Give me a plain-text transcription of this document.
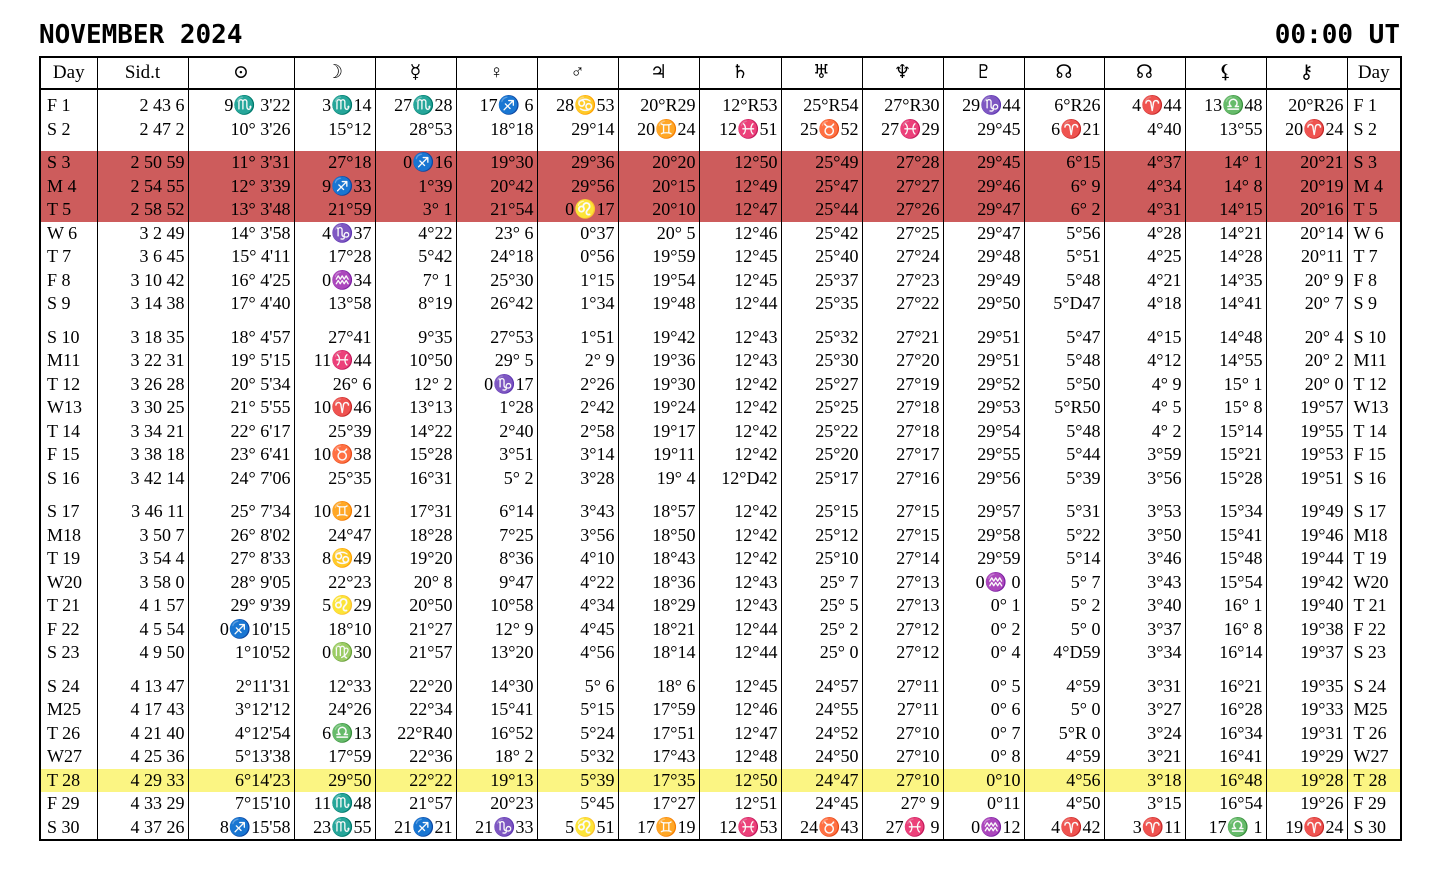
NOVEMBER 2024	00:00 UT
Day	Sid.t	⊙	☽	☿	♀	♂	♃	♄	♅	♆	♇	☊	☊	⚸	⚷	Day
F 1	2 43 6	9♏ 3'22	3♏14	27♏28	17♐ 6	28♋53	20°R29	12°R53	25°R54	27°R30	29♑44	6°R26	4♈44	13♎48	20°R26	F 1
S 2	2 47 2	10° 3'26	15°12	28°53	18°18	29°14	20♊24	12♓51	25♉52	27♓29	29°45	6♈21	4°40	13°55	20♈24	S 2

S 3	2 50 59	11° 3'31	27°18	0♐16	19°30	29°36	20°20	12°50	25°49	27°28	29°45	6°15	4°37	14° 1	20°21	S 3
M 4	2 54 55	12° 3'39	9♐33	1°39	20°42	29°56	20°15	12°49	25°47	27°27	29°46	6° 9	4°34	14° 8	20°19	M 4
T 5	2 58 52	13° 3'48	21°59	3° 1	21°54	0♌17	20°10	12°47	25°44	27°26	29°47	6° 2	4°31	14°15	20°16	T 5
W 6	3 2 49	14° 3'58	4♑37	4°22	23° 6	0°37	20° 5	12°46	25°42	27°25	29°47	5°56	4°28	14°21	20°14	W 6
T 7	3 6 45	15° 4'11	17°28	5°42	24°18	0°56	19°59	12°45	25°40	27°24	29°48	5°51	4°25	14°28	20°11	T 7
F 8	3 10 42	16° 4'25	0♒34	7° 1	25°30	1°15	19°54	12°45	25°37	27°23	29°49	5°48	4°21	14°35	20° 9	F 8
S 9	3 14 38	17° 4'40	13°58	8°19	26°42	1°34	19°48	12°44	25°35	27°22	29°50	5°D47	4°18	14°41	20° 7	S 9

S 10	3 18 35	18° 4'57	27°41	9°35	27°53	1°51	19°42	12°43	25°32	27°21	29°51	5°47	4°15	14°48	20° 4	S 10
M11	3 22 31	19° 5'15	11♓44	10°50	29° 5	2° 9	19°36	12°43	25°30	27°20	29°51	5°48	4°12	14°55	20° 2	M11
T 12	3 26 28	20° 5'34	26° 6	12° 2	0♑17	2°26	19°30	12°42	25°27	27°19	29°52	5°50	4° 9	15° 1	20° 0	T 12
W13	3 30 25	21° 5'55	10♈46	13°13	1°28	2°42	19°24	12°42	25°25	27°18	29°53	5°R50	4° 5	15° 8	19°57	W13
T 14	3 34 21	22° 6'17	25°39	14°22	2°40	2°58	19°17	12°42	25°22	27°18	29°54	5°48	4° 2	15°14	19°55	T 14
F 15	3 38 18	23° 6'41	10♉38	15°28	3°51	3°14	19°11	12°42	25°20	27°17	29°55	5°44	3°59	15°21	19°53	F 15
S 16	3 42 14	24° 7'06	25°35	16°31	5° 2	3°28	19° 4	12°D42	25°17	27°16	29°56	5°39	3°56	15°28	19°51	S 16

S 17	3 46 11	25° 7'34	10♊21	17°31	6°14	3°43	18°57	12°42	25°15	27°15	29°57	5°31	3°53	15°34	19°49	S 17
M18	3 50 7	26° 8'02	24°47	18°28	7°25	3°56	18°50	12°42	25°12	27°15	29°58	5°22	3°50	15°41	19°46	M18
T 19	3 54 4	27° 8'33	8♋49	19°20	8°36	4°10	18°43	12°42	25°10	27°14	29°59	5°14	3°46	15°48	19°44	T 19
W20	3 58 0	28° 9'05	22°23	20° 8	9°47	4°22	18°36	12°43	25° 7	27°13	0♒ 0	5° 7	3°43	15°54	19°42	W20
T 21	4 1 57	29° 9'39	5♌29	20°50	10°58	4°34	18°29	12°43	25° 5	27°13	0° 1	5° 2	3°40	16° 1	19°40	T 21
F 22	4 5 54	0♐10'15	18°10	21°27	12° 9	4°45	18°21	12°44	25° 2	27°12	0° 2	5° 0	3°37	16° 8	19°38	F 22
S 23	4 9 50	1°10'52	0♍30	21°57	13°20	4°56	18°14	12°44	25° 0	27°12	0° 4	4°D59	3°34	16°14	19°37	S 23

S 24	4 13 47	2°11'31	12°33	22°20	14°30	5° 6	18° 6	12°45	24°57	27°11	0° 5	4°59	3°31	16°21	19°35	S 24
M25	4 17 43	3°12'12	24°26	22°34	15°41	5°15	17°59	12°46	24°55	27°11	0° 6	5° 0	3°27	16°28	19°33	M25
T 26	4 21 40	4°12'54	6♎13	22°R40	16°52	5°24	17°51	12°47	24°52	27°10	0° 7	5°R 0	3°24	16°34	19°31	T 26
W27	4 25 36	5°13'38	17°59	22°36	18° 2	5°32	17°43	12°48	24°50	27°10	0° 8	4°59	3°21	16°41	19°29	W27
T 28	4 29 33	6°14'23	29°50	22°22	19°13	5°39	17°35	12°50	24°47	27°10	0°10	4°56	3°18	16°48	19°28	T 28
F 29	4 33 29	7°15'10	11♏48	21°57	20°23	5°45	17°27	12°51	24°45	27° 9	0°11	4°50	3°15	16°54	19°26	F 29
S 30	4 37 26	8♐15'58	23♏55	21♐21	21♑33	5♌51	17♊19	12♓53	24♉43	27♓ 9	0♒12	4♈42	3♈11	17♎ 1	19♈24	S 30
